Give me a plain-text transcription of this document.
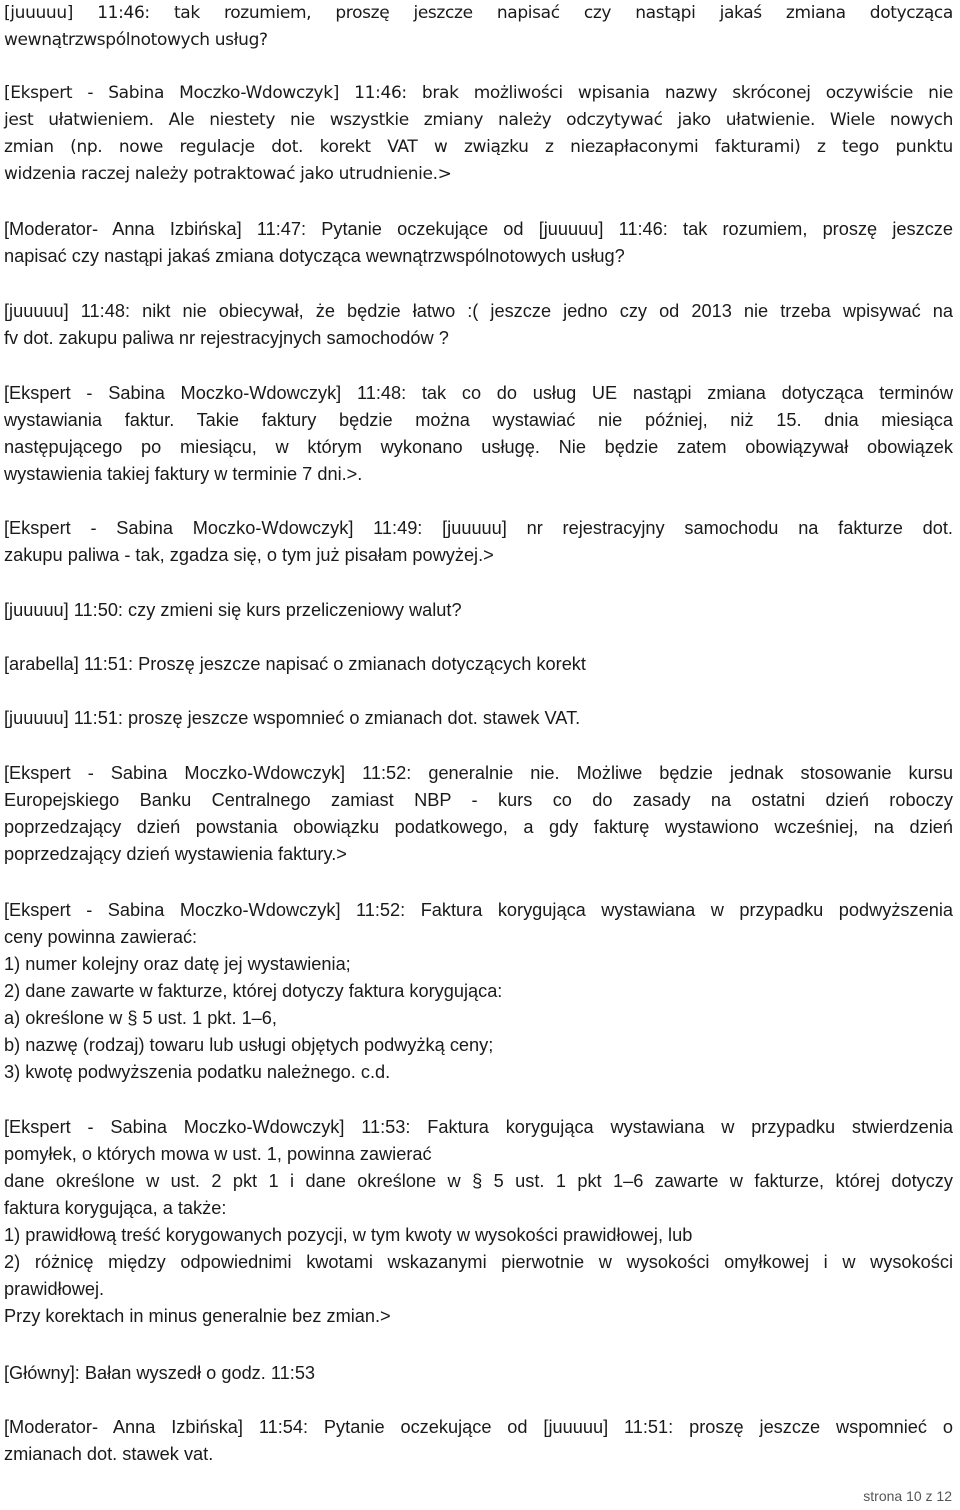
[juuuuu] 11:46: tak rozumiem, proszę jeszcze napisać czy nastąpi jakaś zmiana dotycząca
wewnątrzwspólnotowych usług?
[Ekspert - Sabina Moczko-Wdowczyk] 11:46: brak możliwości wpisania nazwy skróconej oczywiście nie
jest ułatwieniem. Ale niestety nie wszystkie zmiany należy odczytywać jako ułatwienie. Wiele nowych
zmian (np. nowe regulacje dot. korekt VAT w związku z niezapłaconymi fakturami) z tego punktu
widzenia raczej należy potraktować jako utrudnienie.>
[Moderator- Anna Izbińska] 11:47: Pytanie oczekujące od [juuuuu] 11:46: tak rozumiem, proszę jeszcze
napisać czy nastąpi jakaś zmiana dotycząca wewnątrzwspólnotowych usług?
[juuuuu] 11:48: nikt nie obiecywał, że będzie łatwo :( jeszcze jedno czy od 2013 nie trzeba wpisywać na
fv dot. zakupu paliwa nr rejestracyjnych samochodów ?
[Ekspert - Sabina Moczko-Wdowczyk] 11:48: tak co do usług UE nastąpi zmiana dotycząca terminów
wystawiania faktur. Takie faktury będzie można wystawiać nie później, niż 15. dnia miesiąca
następującego po miesiącu, w którym wykonano usługę. Nie będzie zatem obowiązywał obowiązek
wystawienia takiej faktury w terminie 7 dni.>.
[Ekspert - Sabina Moczko-Wdowczyk] 11:49: [juuuuu] nr rejestracyjny samochodu na fakturze dot.
zakupu paliwa - tak, zgadza się, o tym już pisałam powyżej.>
[juuuuu] 11:50: czy zmieni się kurs przeliczeniowy walut?
[arabella] 11:51: Proszę jeszcze napisać o zmianach dotyczących korekt
[juuuuu] 11:51: proszę jeszcze wspomnieć o zmianach dot. stawek VAT.
[Ekspert - Sabina Moczko-Wdowczyk] 11:52: generalnie nie. Możliwe będzie jednak stosowanie kursu
Europejskiego Banku Centralnego zamiast NBP - kurs co do zasady na ostatni dzień roboczy
poprzedzający dzień powstania obowiązku podatkowego, a gdy fakturę wystawiono wcześniej, na dzień
poprzedzający dzień wystawienia faktury.>
[Ekspert - Sabina Moczko-Wdowczyk] 11:52: Faktura korygująca wystawiana w przypadku podwyższenia
ceny powinna zawierać:
1) numer kolejny oraz datę jej wystawienia;
2) dane zawarte w fakturze, której dotyczy faktura korygująca:
a) określone w § 5 ust. 1 pkt. 1–6,
b) nazwę (rodzaj) towaru lub usługi objętych podwyżką ceny;
3) kwotę podwyższenia podatku należnego. c.d.
[Ekspert - Sabina Moczko-Wdowczyk] 11:53: Faktura korygująca wystawiana w przypadku stwierdzenia
pomyłek, o których mowa w ust. 1, powinna zawierać
dane określone w ust. 2 pkt 1 i dane określone w § 5 ust. 1 pkt 1–6 zawarte w fakturze, której dotyczy
faktura korygująca, a także:
1) prawidłową treść korygowanych pozycji, w tym kwoty w wysokości prawidłowej, lub
2) różnicę między odpowiednimi kwotami wskazanymi pierwotnie w wysokości omyłkowej i w wysokości
prawidłowej.
Przy korektach in minus generalnie bez zmian.>
[Główny]: Bałan wyszedł o godz. 11:53
[Moderator- Anna Izbińska] 11:54: Pytanie oczekujące od [juuuuu] 11:51: proszę jeszcze wspomnieć o
zmianach dot. stawek vat.
strona 10 z 12
